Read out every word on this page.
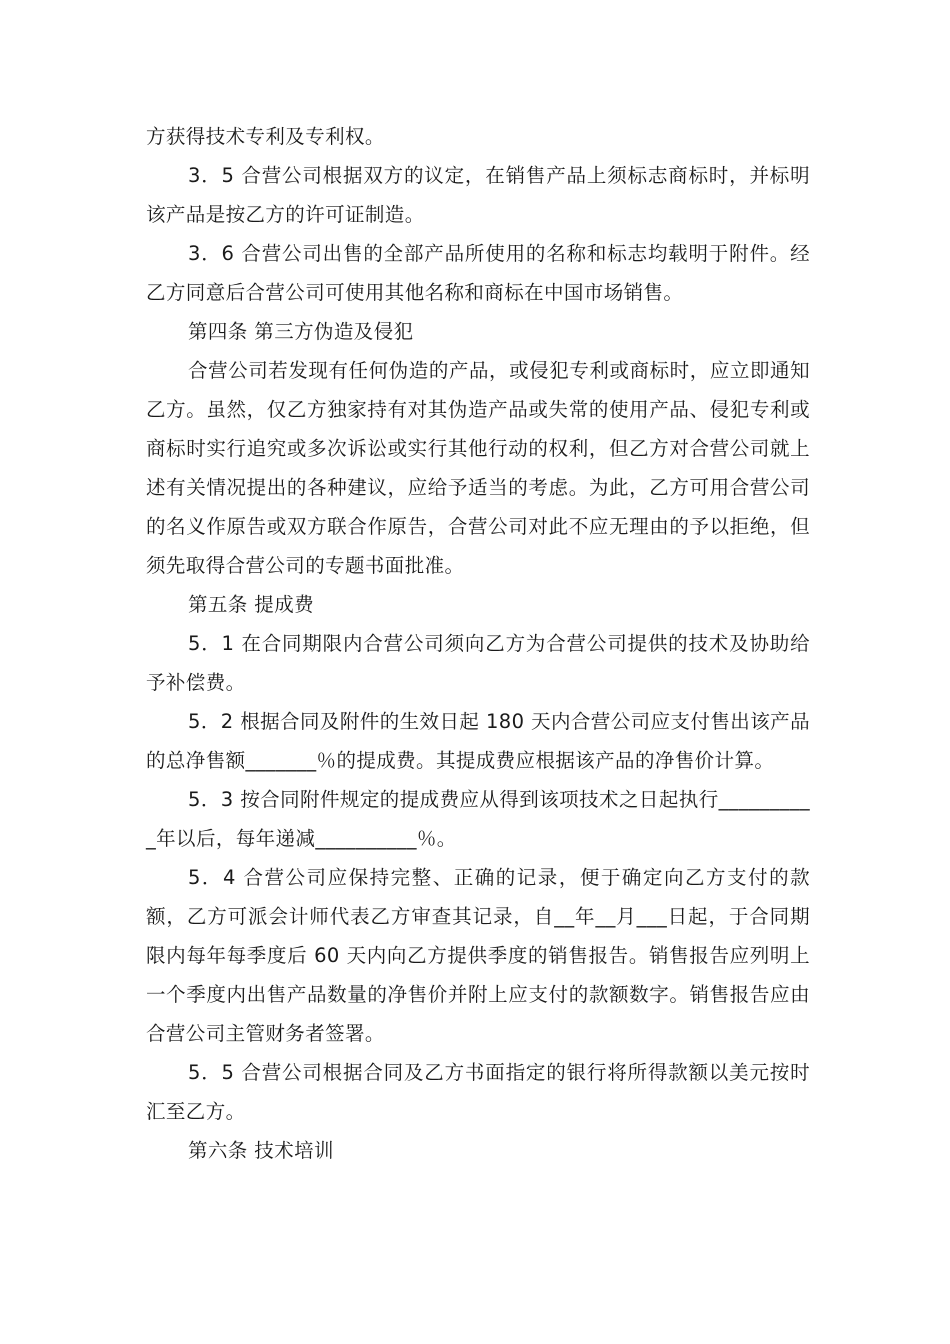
方获得技术专利及专利权。

3．5 合营公司根据双方的议定，在销售产品上须标志商标时，并标明该产品是按乙方的许可证制造。

3．6 合营公司出售的全部产品所使用的名称和标志均载明于附件。经乙方同意后合营公司可使用其他名称和商标在中国市场销售。

第四条 第三方伪造及侵犯

合营公司若发现有任何伪造的产品，或侵犯专利或商标时，应立即通知乙方。虽然，仅乙方独家持有对其伪造产品或失常的使用产品、侵犯专利或商标时实行追究或多次诉讼或实行其他行动的权利，但乙方对合营公司就上述有关情况提出的各种建议，应给予适当的考虑。为此，乙方可用合营公司的名义作原告或双方联合作原告，合营公司对此不应无理由的予以拒绝，但须先取得合营公司的专题书面批准。

第五条 提成费

5．1 在合同期限内合营公司须向乙方为合营公司提供的技术及协助给予补偿费。

5．2 根据合同及附件的生效日起 180 天内合营公司应支付售出该产品的总净售额_______％的提成费。其提成费应根据该产品的净售价计算。

5．3 按合同附件规定的提成费应从得到该项技术之日起执行__________年以后，每年递减__________％。

5．4 合营公司应保持完整、正确的记录，便于确定向乙方支付的款额，乙方可派会计师代表乙方审查其记录，自__年__月___日起，于合同期限内每年每季度后 60 天内向乙方提供季度的销售报告。销售报告应列明上一个季度内出售产品数量的净售价并附上应支付的款额数字。销售报告应由合营公司主管财务者签署。

5．5 合营公司根据合同及乙方书面指定的银行将所得款额以美元按时汇至乙方。

第六条 技术培训
